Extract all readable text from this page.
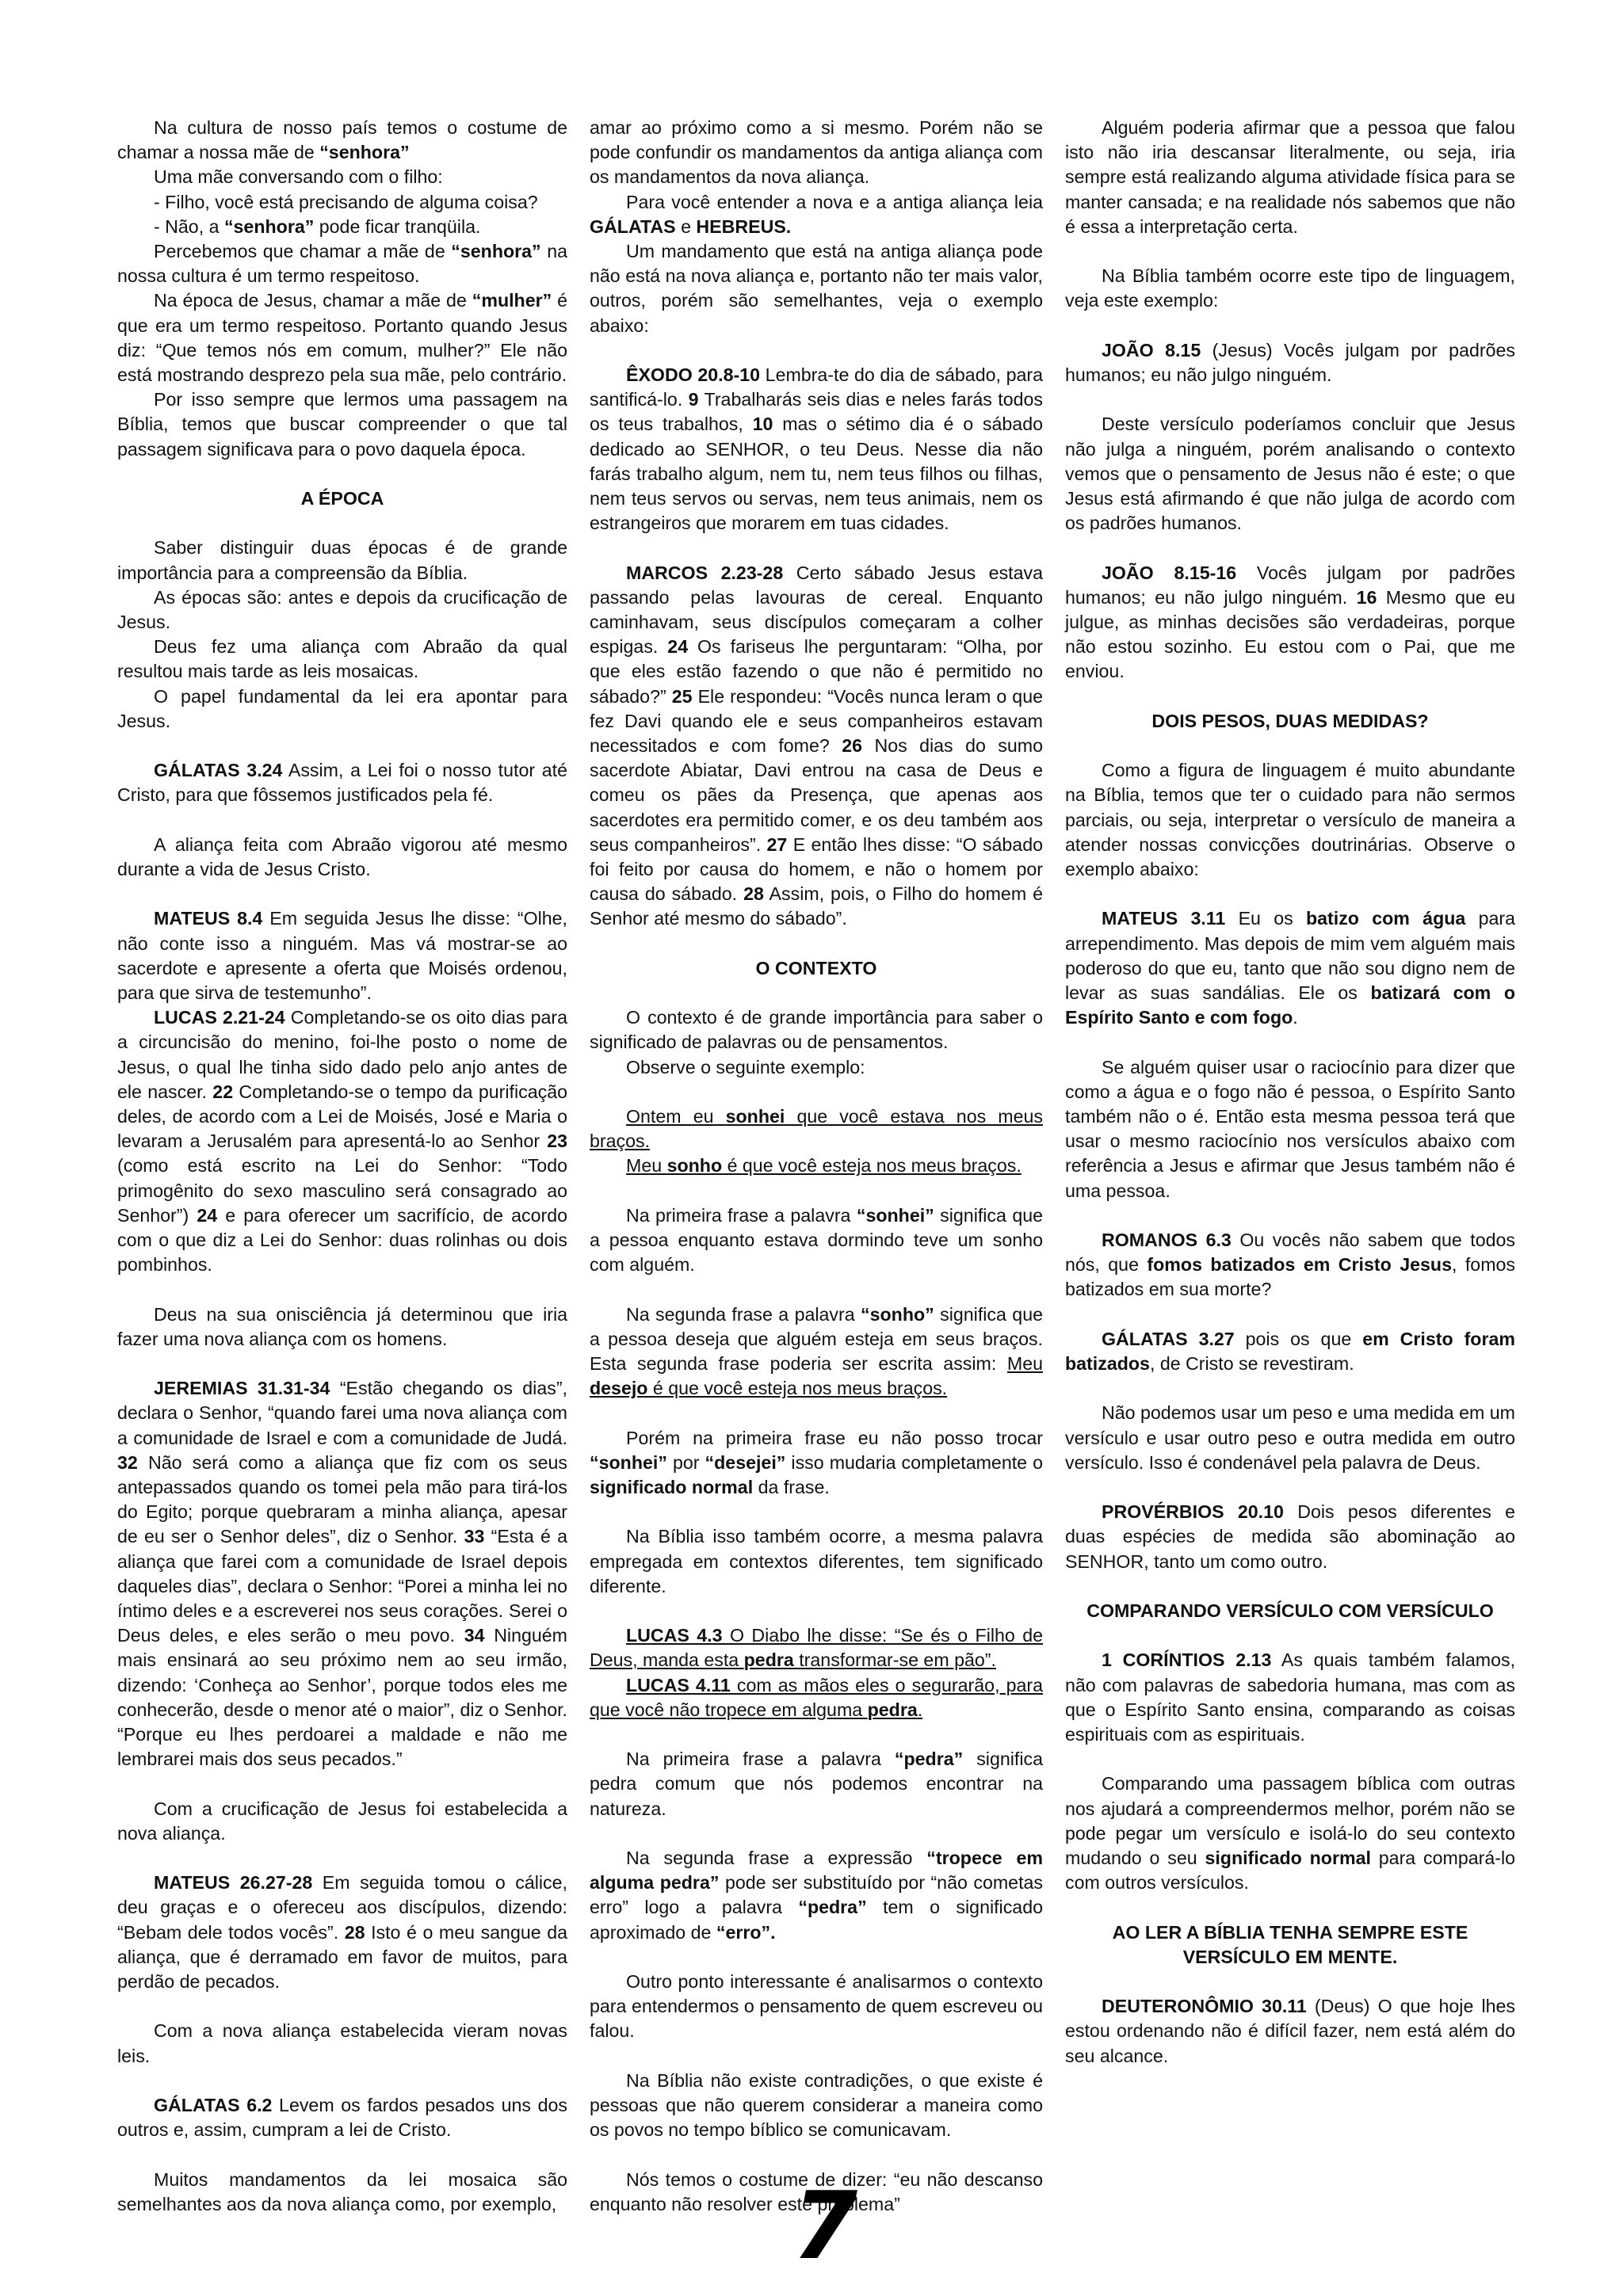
Na cultura de nosso país temos o costume de chamar a nossa mãe de “senhora”

Uma mãe conversando com o filho:

- Filho, você está precisando de alguma coisa?

- Não, a “senhora” pode ficar tranqüila.

Percebemos que chamar a mãe de “senhora” na nossa cultura é um termo respeitoso.

Na época de Jesus, chamar a mãe de “mulher” é que era um termo respeitoso. Portanto quando Jesus diz: “Que temos nós em comum, mulher?” Ele não está mostrando desprezo pela sua mãe, pelo contrário.

Por isso sempre que lermos uma passagem na Bíblia, temos que buscar compreender o que tal passagem significava para o povo daquela época.

A ÉPOCA

Saber distinguir duas épocas é de grande importância para a compreensão da Bíblia.

As épocas são: antes e depois da crucificação de Jesus.

Deus fez uma aliança com Abraão da qual resultou mais tarde as leis mosaicas.

O papel fundamental da lei era apontar para Jesus.

GÁLATAS 3.24 Assim, a Lei foi o nosso tutor até Cristo, para que fôssemos justificados pela fé.

A aliança feita com Abraão vigorou até mesmo durante a vida de Jesus Cristo.

MATEUS 8.4 Em seguida Jesus lhe disse: “Olhe, não conte isso a ninguém. Mas vá mostrar-se ao sacerdote e apresente a oferta que Moisés ordenou, para que sirva de testemunho”.

LUCAS 2.21-24 Completando-se os oito dias para a circuncisão do menino, foi-lhe posto o nome de Jesus, o qual lhe tinha sido dado pelo anjo antes de ele nascer. 22 Completando-se o tempo da purificação deles, de acordo com a Lei de Moisés, José e Maria o levaram a Jerusalém para apresentá-lo ao Senhor 23 (como está escrito na Lei do Senhor: “Todo primogênito do sexo masculino será consagrado ao Senhor”) 24 e para oferecer um sacrifício, de acordo com o que diz a Lei do Senhor: duas rolinhas ou dois pombinhos.

Deus na sua onisciência já determinou que iria fazer uma nova aliança com os homens.

JEREMIAS 31.31-34 “Estão chegando os dias”, declara o Senhor, “quando farei uma nova aliança com a comunidade de Israel e com a comunidade de Judá. 32 Não será como a aliança que fiz com os seus antepassados quando os tomei pela mão para tirá-los do Egito; porque quebraram a minha aliança, apesar de eu ser o Senhor deles”, diz o Senhor. 33 “Esta é a aliança que farei com a comunidade de Israel depois daqueles dias”, declara o Senhor: “Porei a minha lei no íntimo deles e a escreverei nos seus corações. Serei o Deus deles, e eles serão o meu povo. 34 Ninguém mais ensinará ao seu próximo nem ao seu irmão, dizendo: ‘Conheça ao Senhor’, porque todos eles me conhecerão, desde o menor até o maior”, diz o Senhor. “Porque eu lhes perdoarei a maldade e não me lembrarei mais dos seus pecados.”

Com a crucificação de Jesus foi estabelecida a nova aliança.

MATEUS 26.27-28 Em seguida tomou o cálice, deu graças e o ofereceu aos discípulos, dizendo: “Bebam dele todos vocês”. 28 Isto é o meu sangue da aliança, que é derramado em favor de muitos, para perdão de pecados.

Com a nova aliança estabelecida vieram novas leis.

GÁLATAS 6.2 Levem os fardos pesados uns dos outros e, assim, cumpram a lei de Cristo.

Muitos mandamentos da lei mosaica são semelhantes aos da nova aliança como, por exemplo,

amar ao próximo como a si mesmo. Porém não se pode confundir os mandamentos da antiga aliança com os mandamentos da nova aliança.

Para você entender a nova e a antiga aliança leia GÁLATAS e HEBREUS.

Um mandamento que está na antiga aliança pode não está na nova aliança e, portanto não ter mais valor, outros, porém são semelhantes, veja o exemplo abaixo:

ÊXODO 20.8-10 Lembra-te do dia de sábado, para santificá-lo. 9 Trabalharás seis dias e neles farás todos os teus trabalhos, 10 mas o sétimo dia é o sábado dedicado ao SENHOR, o teu Deus. Nesse dia não farás trabalho algum, nem tu, nem teus filhos ou filhas, nem teus servos ou servas, nem teus animais, nem os estrangeiros que morarem em tuas cidades.

MARCOS 2.23-28 Certo sábado Jesus estava passando pelas lavouras de cereal. Enquanto caminhavam, seus discípulos começaram a colher espigas. 24 Os fariseus lhe perguntaram: “Olha, por que eles estão fazendo o que não é permitido no sábado?” 25 Ele respondeu: “Vocês nunca leram o que fez Davi quando ele e seus companheiros estavam necessitados e com fome? 26 Nos dias do sumo sacerdote Abiatar, Davi entrou na casa de Deus e comeu os pães da Presença, que apenas aos sacerdotes era permitido comer, e os deu também aos seus companheiros”. 27 E então lhes disse: “O sábado foi feito por causa do homem, e não o homem por causa do sábado. 28 Assim, pois, o Filho do homem é Senhor até mesmo do sábado”.

O CONTEXTO

O contexto é de grande importância para saber o significado de palavras ou de pensamentos.

Observe o seguinte exemplo:

Ontem eu sonhei que você estava nos meus braços.

Meu sonho é que você esteja nos meus braços.

Na primeira frase a palavra “sonhei” significa que a pessoa enquanto estava dormindo teve um sonho com alguém.

Na segunda frase a palavra “sonho” significa que a pessoa deseja que alguém esteja em seus braços. Esta segunda frase poderia ser escrita assim: Meu desejo é que você esteja nos meus braços.

Porém na primeira frase eu não posso trocar “sonhei” por “desejei” isso mudaria completamente o significado normal da frase.

Na Bíblia isso também ocorre, a mesma palavra empregada em contextos diferentes, tem significado diferente.

LUCAS 4.3 O Diabo lhe disse: “Se és o Filho de Deus, manda esta pedra transformar-se em pão”.

LUCAS 4.11 com as mãos eles o segurarão, para que você não tropece em alguma pedra.

Na primeira frase a palavra “pedra” significa pedra comum que nós podemos encontrar na natureza.

Na segunda frase a expressão “tropece em alguma pedra” pode ser substituído por “não cometas erro” logo a palavra “pedra” tem o significado aproximado de “erro”.

Outro ponto interessante é analisarmos o contexto para entendermos o pensamento de quem escreveu ou falou.

Na Bíblia não existe contradições, o que existe é pessoas que não querem considerar a maneira como os povos no tempo bíblico se comunicavam.

Nós temos o costume de dizer: “eu não descanso enquanto não resolver este problema”

Alguém poderia afirmar que a pessoa que falou isto não iria descansar literalmente, ou seja, iria sempre está realizando alguma atividade física para se manter cansada; e na realidade nós sabemos que não é essa a interpretação certa.

Na Bíblia também ocorre este tipo de linguagem, veja este exemplo:

JOÃO 8.15 (Jesus) Vocês julgam por padrões humanos; eu não julgo ninguém.

Deste versículo poderíamos concluir que Jesus não julga a ninguém, porém analisando o contexto vemos que o pensamento de Jesus não é este; o que Jesus está afirmando é que não julga de acordo com os padrões humanos.

JOÃO 8.15-16 Vocês julgam por padrões humanos; eu não julgo ninguém. 16 Mesmo que eu julgue, as minhas decisões são verdadeiras, porque não estou sozinho. Eu estou com o Pai, que me enviou.

DOIS PESOS, DUAS MEDIDAS?

Como a figura de linguagem é muito abundante na Bíblia, temos que ter o cuidado para não sermos parciais, ou seja, interpretar o versículo de maneira a atender nossas convicções doutrinárias. Observe o exemplo abaixo:

MATEUS 3.11 Eu os batizo com água para arrependimento. Mas depois de mim vem alguém mais poderoso do que eu, tanto que não sou digno nem de levar as suas sandálias. Ele os batizará com o Espírito Santo e com fogo.

Se alguém quiser usar o raciocínio para dizer que como a água e o fogo não é pessoa, o Espírito Santo também não o é. Então esta mesma pessoa terá que usar o mesmo raciocínio nos versículos abaixo com referência a Jesus e afirmar que Jesus também não é uma pessoa.

ROMANOS 6.3 Ou vocês não sabem que todos nós, que fomos batizados em Cristo Jesus, fomos batizados em sua morte?

GÁLATAS 3.27 pois os que em Cristo foram batizados, de Cristo se revestiram.

Não podemos usar um peso e uma medida em um versículo e usar outro peso e outra medida em outro versículo. Isso é condenável pela palavra de Deus.

PROVÉRBIOS 20.10 Dois pesos diferentes e duas espécies de medida são abominação ao SENHOR, tanto um como outro.

COMPARANDO VERSÍCULO COM VERSÍCULO

1 CORÍNTIOS 2.13 As quais também falamos, não com palavras de sabedoria humana, mas com as que o Espírito Santo ensina, comparando as coisas espirituais com as espirituais.

Comparando uma passagem bíblica com outras nos ajudará a compreendermos melhor, porém não se pode pegar um versículo e isolá-lo do seu contexto mudando o seu significado normal para compará-lo com outros versículos.

AO LER A BÍBLIA TENHA SEMPRE ESTE
VERSÍCULO EM MENTE.

DEUTERONÔMIO 30.11 (Deus) O que hoje lhes estou ordenando não é difícil fazer, nem está além do seu alcance.

7
